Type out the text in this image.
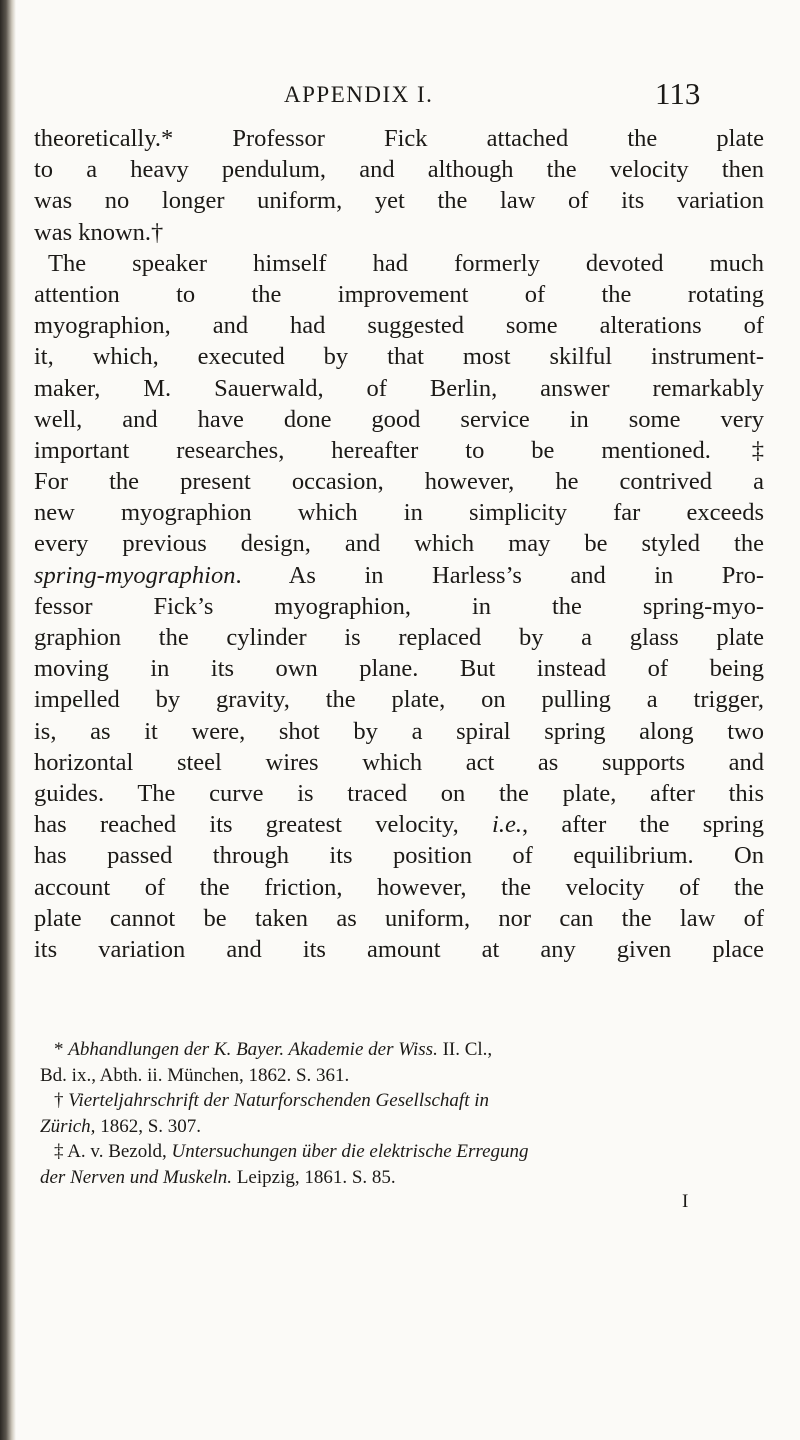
APPENDIX I.	113
theoretically.* Professor Fick attached the plate
to a heavy pendulum, and although the velocity then
was no longer uniform, yet the law of its variation
was known.†
The speaker himself had formerly devoted much
attention to the improvement of the rotating
myographion, and had suggested some alterations of
it, which, executed by that most skilful instrument-
maker, M. Sauerwald, of Berlin, answer remarkably
well, and have done good service in some very
important researches, hereafter to be mentioned.‡
For the present occasion, however, he contrived a
new myographion which in simplicity far exceeds
every previous design, and which may be styled the
spring-myographion. As in Harless’s and in Pro-
fessor Fick’s myographion, in the spring-myo-
graphion the cylinder is replaced by a glass plate
moving in its own plane. But instead of being
impelled by gravity, the plate, on pulling a trigger,
is, as it were, shot by a spiral spring along two
horizontal steel wires which act as supports and
guides. The curve is traced on the plate, after this
has reached its greatest velocity, i.e., after the spring
has passed through its position of equilibrium. On
account of the friction, however, the velocity of the
plate cannot be taken as uniform, nor can the law of
its variation and its amount at any given place
* Abhandlungen der K. Bayer. Akademie der Wiss. II. Cl.,
Bd. ix., Abth. ii. München, 1862. S. 361.
† Vierteljahrschrift der Naturforschenden Gesellschaft in
Zürich, 1862, S. 307.
‡ A. v. Bezold, Untersuchungen über die elektrische Erregung
der Nerven und Muskeln. Leipzig, 1861. S. 85.
I
